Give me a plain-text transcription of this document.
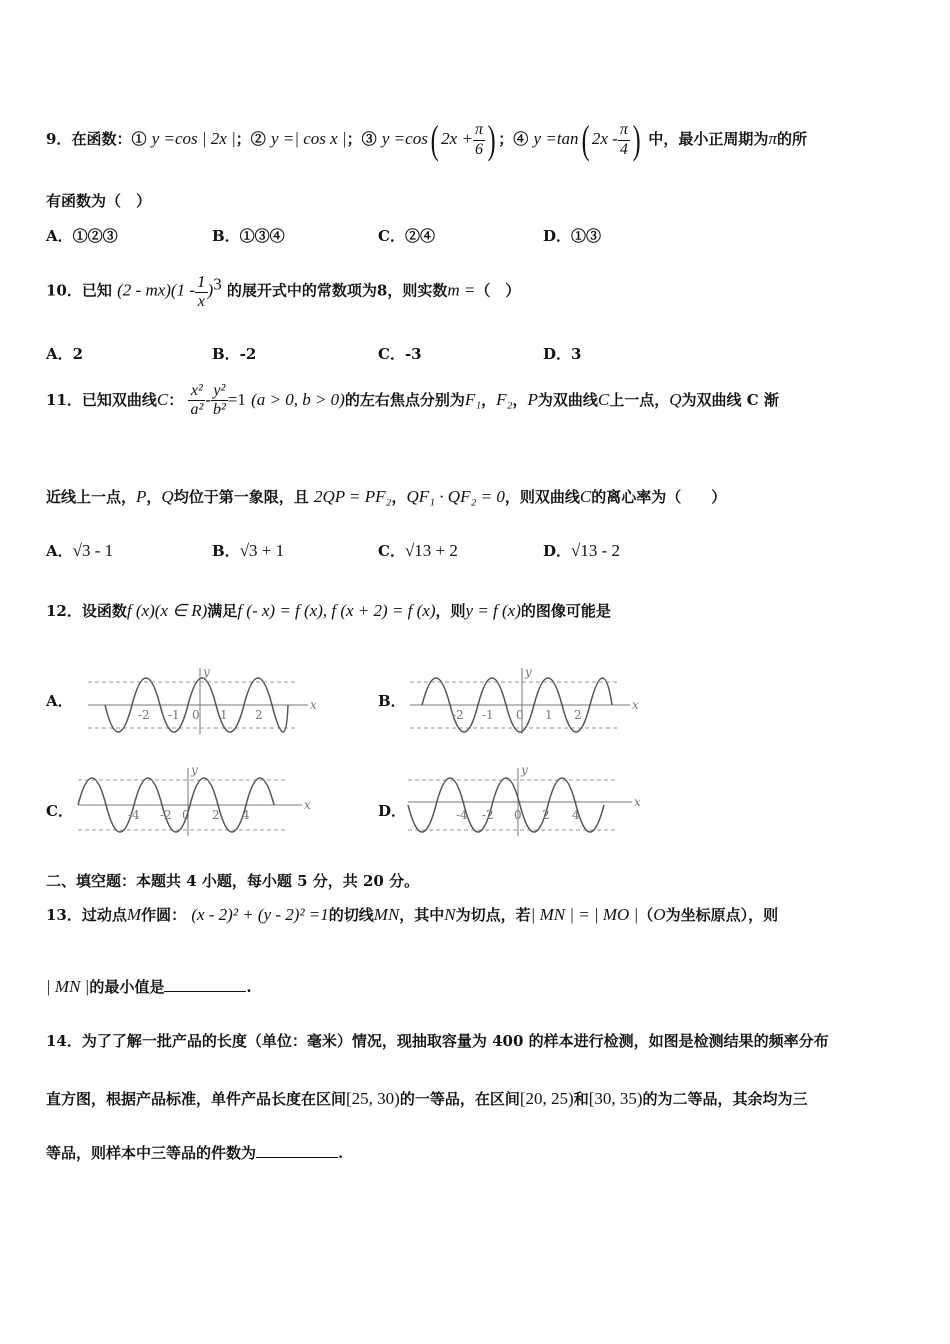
9．在函数：① y =cos | 2x |；② y =| cos x |；③ y =cos( $2x + \frac{\pi}{6}$ ) ；④ y =tan( $2x - \frac{\pi}{4}$ ) 中，最小正周期为π的所
有函数为（　）
A．①②③	B．①③④	C．②④	D．①③
10．已知 $(2 - mx)(1 - \frac{1}{x} )^3$ 的展开式中的常数项为8，则实数m =（　）
A．2	B．-2	C．-3	D．3
11．已知双曲线C： $\frac{\text{x²}}{\text{a²}} - \frac{\text{y²}}{\text{b²}} =1$ (a > 0, b > 0)的左右焦点分别为F₁，F₂，P为双曲线C上一点，Q为双曲线 C 渐
近线上一点，P，Q均位于第一象限，且 2QP = PF₂，QF₁ · QF₂ = 0，则双曲线C的离心率为（　　）
A．√3 - 1	B．√3 + 1	C．√13 + 2	D．√13 - 2
12．设函数f (x)(x ∈ R)满足f (- x) = f (x), f (x + 2) = f (x)，则y = f (x)的图像可能是
A．	B．
C．	D．
x
y
-2 -1 0 1 2
x
y
-2 -1 0 1 2
x
y
-4 -2 0 2 4
x
y
-4 -2 0 2 4
二、填空题：本题共 4 小题，每小题 5 分，共 20 分。
13．过动点M作圆： (x - 2)² + (y - 2)² =1的切线MN，其中N为切点，若| MN | = | MO |（O为坐标原点），则
| MN |的最小值是	.
14．为了了解一批产品的长度（单位：毫米）情况，现抽取容量为 400 的样本进行检测，如图是检测结果的频率分布
直方图，根据产品标准，单件产品长度在区间[25, 30)的一等品，在区间[20, 25)和[30, 35)的为二等品，其余均为三
等品，则样本中三等品的件数为	.
